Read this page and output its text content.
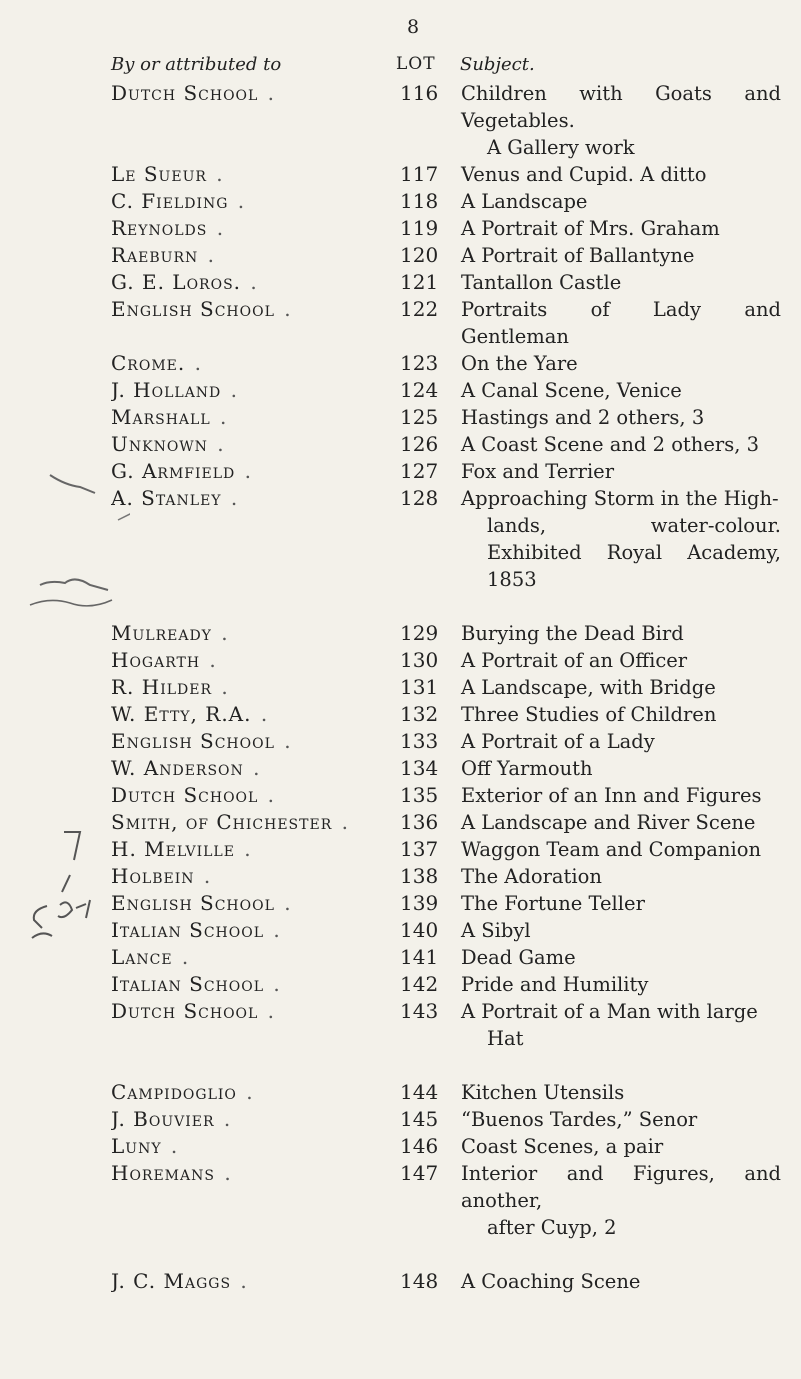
8
By or attributed to	LOT Subject.
Dutch School .	116	Children with Goats and Vegetables.
A Gallery work
Le Sueur .	117	Venus and Cupid. A ditto
C. Fielding .	118	A Landscape
Reynolds .	119	A Portrait of Mrs. Graham
Raeburn .	120	A Portrait of Ballantyne
G. E. Loros. .	121	Tantallon Castle
English School .	122	Portraits of Lady and Gentleman
Crome. .	123	On the Yare
J. Holland .	124	A Canal Scene, Venice
Marshall .	125	Hastings and 2 others, 3
Unknown .	126	A Coast Scene and 2 others, 3
G. Armfield .	127	Fox and Terrier
A. Stanley .	128	Approaching Storm in the High-
lands, water-colour. Exhibited Royal Academy, 1853
Mulready .	129	Burying the Dead Bird
Hogarth .	130	A Portrait of an Officer
R. Hilder .	131	A Landscape, with Bridge
W. Etty, R.A. .	132	Three Studies of Children
English School .	133	A Portrait of a Lady
W. Anderson .	134	Off Yarmouth
Dutch School .	135	Exterior of an Inn and Figures
Smith, of Chichester .	136	A Landscape and River Scene
H. Melville .	137	Waggon Team and Companion
Holbein .	138	The Adoration
English School .	139	The Fortune Teller
Italian School .	140	A Sibyl
Lance .	141	Dead Game
Italian School .	142	Pride and Humility
Dutch School .	143	A Portrait of a Man with large
Hat
Campidoglio .	144	Kitchen Utensils
J. Bouvier .	145	“Buenos Tardes,” Senor
Luny .	146	Coast Scenes, a pair
Horemans .	147	Interior and Figures, and another,
after Cuyp, 2
J. C. Maggs .	148	A Coaching Scene
